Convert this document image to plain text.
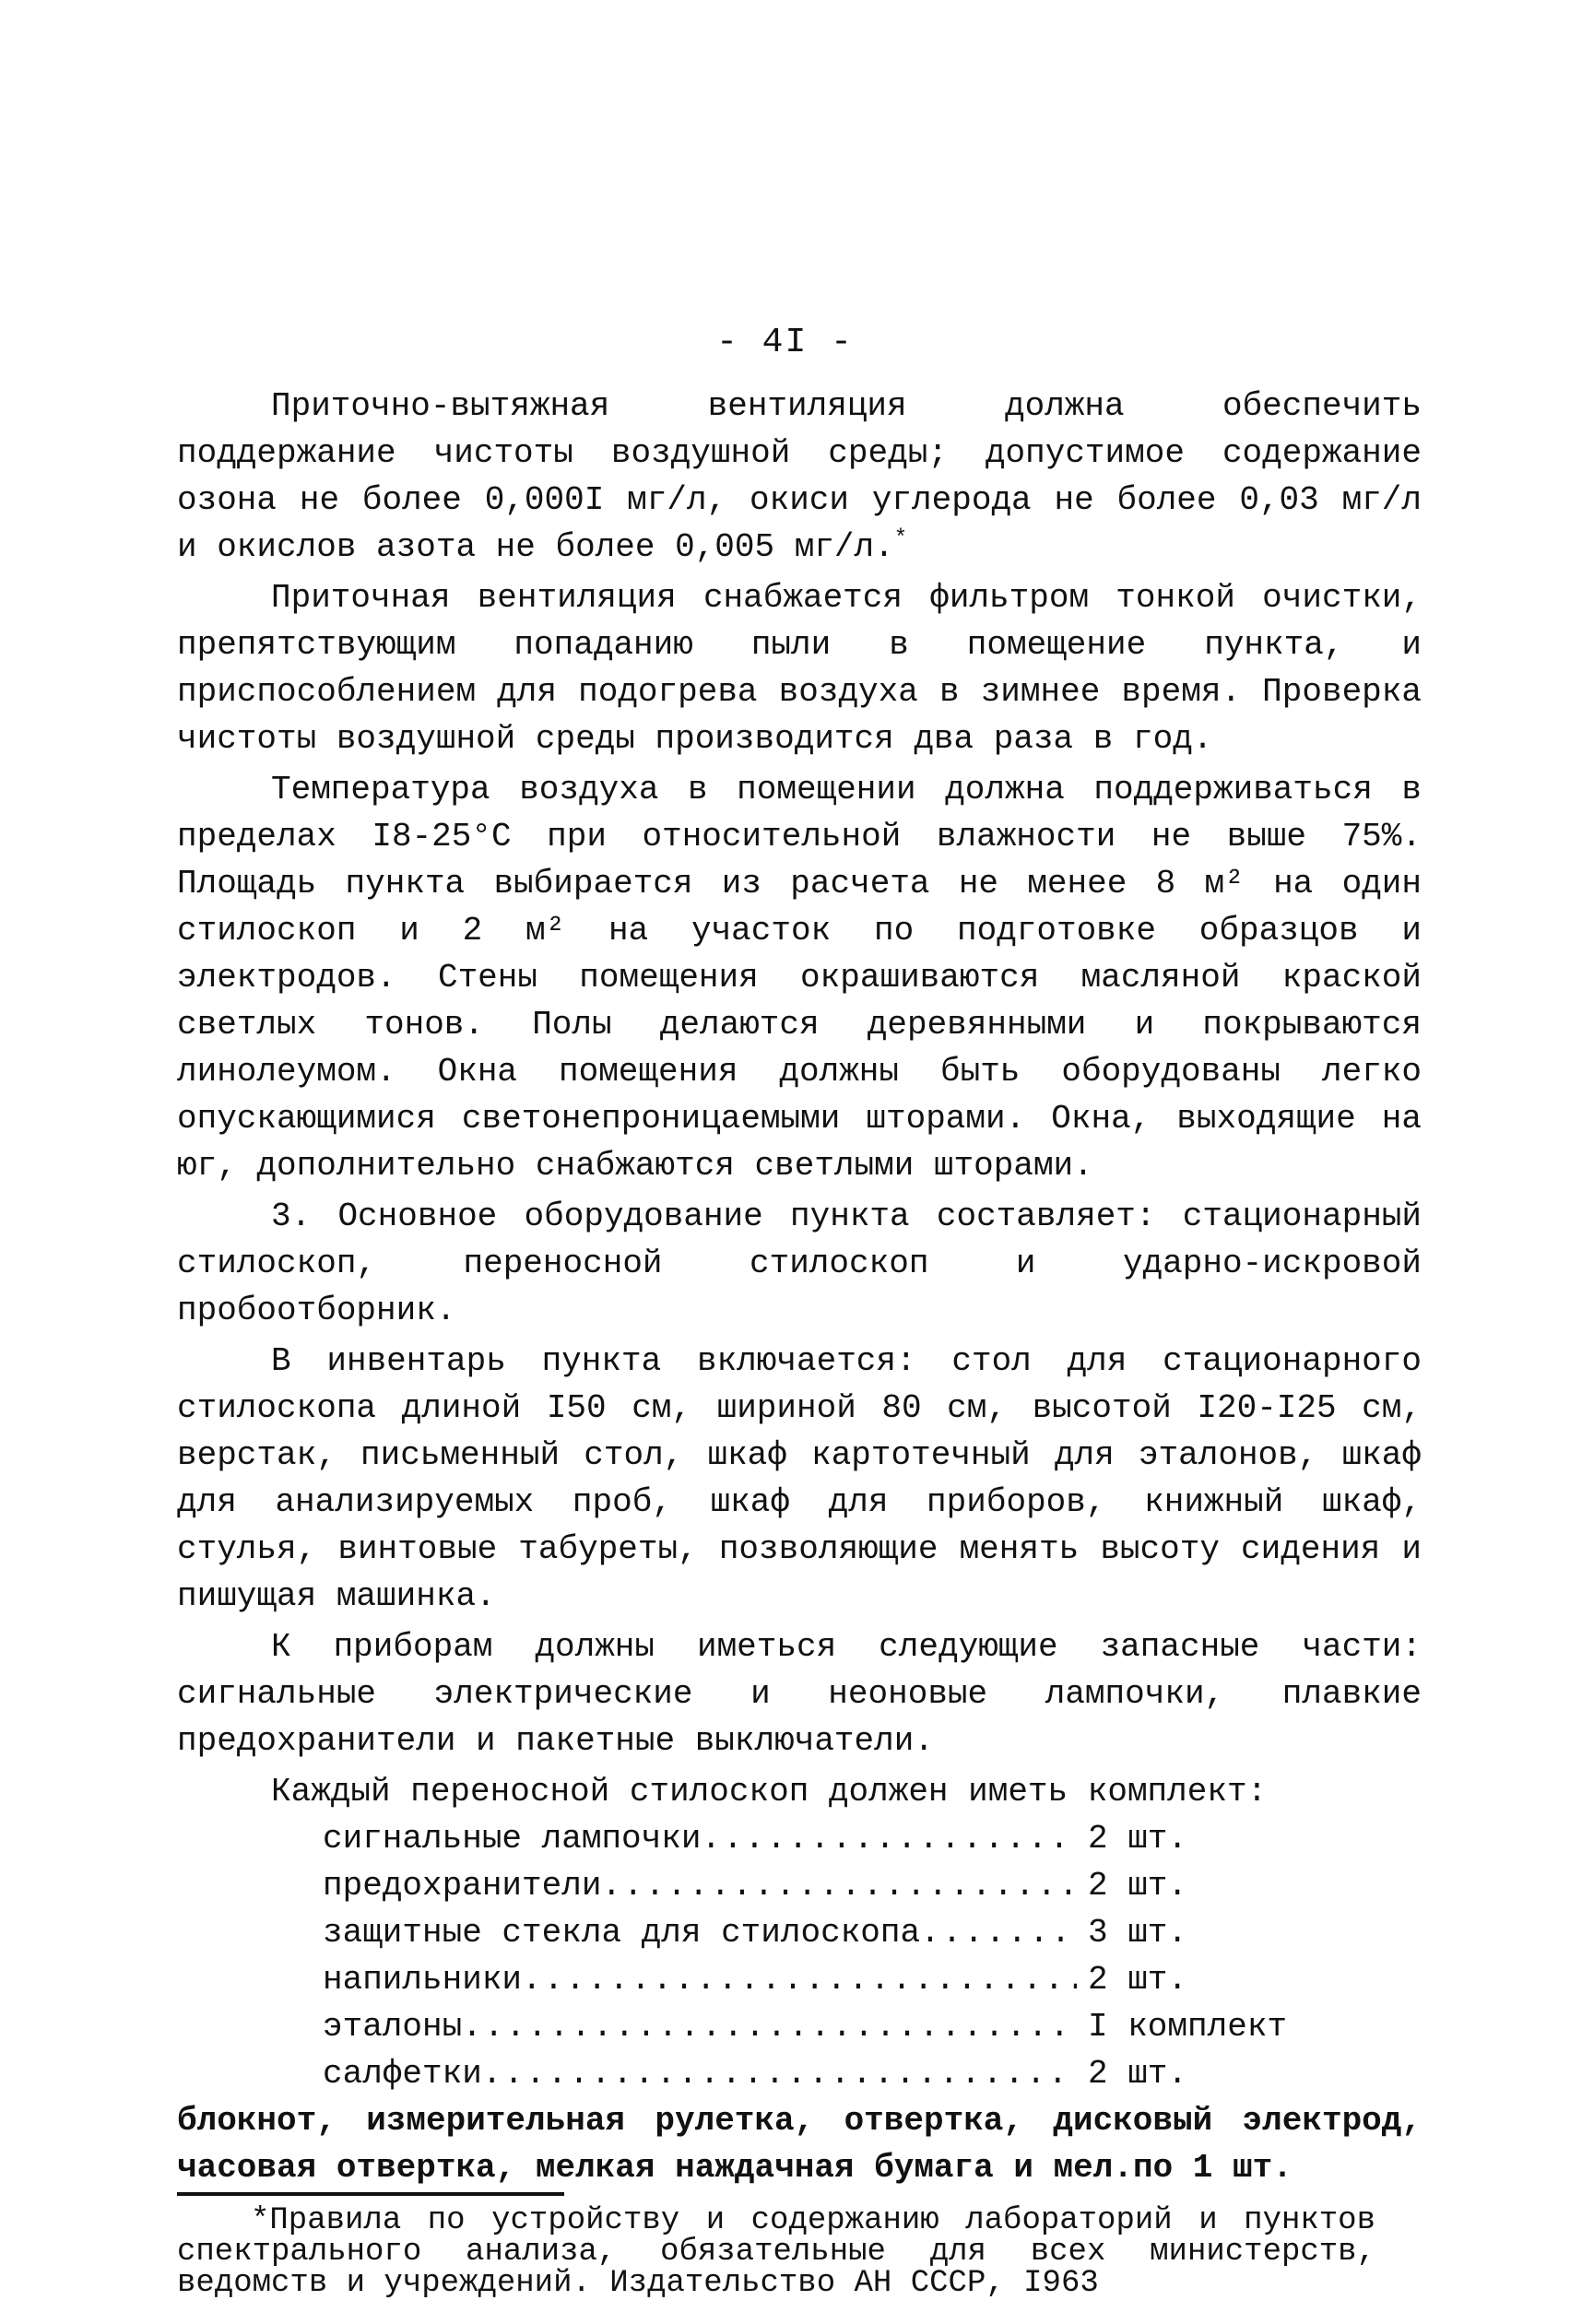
- 4I -

Приточно-вытяжная вентиляция должна обеспечить поддержание чистоты воздушной среды; допустимое содержание озона не более 0,000I мг/л, окиси углерода не более 0,03 мг/л и окислов азота не более 0,005 мг/л.*

Приточная вентиляция снабжается фильтром тонкой очистки, препятствующим попаданию пыли в помещение пункта, и приспособлением для подогрева воздуха в зимнее время. Проверка чистоты воздушной среды производится два раза в год.

Температура воздуха в помещении должна поддерживаться в пределах I8-25°С при относительной влажности не выше 75%. Площадь пункта выбирается из расчета не менее 8 м² на один стилоскоп и 2 м² на участок по подготовке образцов и электродов. Стены помещения окрашиваются масляной краской светлых тонов. Полы делаются деревянными и покрываются линолеумом. Окна помещения должны быть оборудованы легко опускающимися светонепроницаемыми шторами. Окна, выходящие на юг, дополнительно снабжаются светлыми шторами.

3. Основное оборудование пункта составляет: стационарный стилоскоп, переносной стилоскоп и ударно-искровой пробоотборник.

В инвентарь пункта включается: стол для стационарного стилоскопа длиной I50 см, шириной 80 см, высотой I20-I25 см, верстак, письменный стол, шкаф картотечный для эталонов, шкаф для анализируемых проб, шкаф для приборов, книжный шкаф, стулья, винтовые табуреты, позволяющие менять высоту сидения и пишущая машинка.

К приборам должны иметься следующие запасные части: сигнальные электрические и неоновые лампочки, плавкие предохранители и пакетные выключатели.

Каждый переносной стилоскоп должен иметь комплект:

сигнальные лампочки .....	2 шт.
предохранители .....	2 шт.
защитные стекла для стилоскопа .....	3 шт.
напильники .....	2 шт.
эталоны .....	I комплект
салфетки .....	2 шт.

блокнот, измерительная рулетка, отвертка, дисковый электрод, часовая отвертка, мелкая наждачная бумага и мел.по 1 шт.

*Правила по устройству и содержанию лабораторий и пунктов спектрального анализа, обязательные для всех министерств, ведомств и учреждений. Издательство АН СССР, I963
